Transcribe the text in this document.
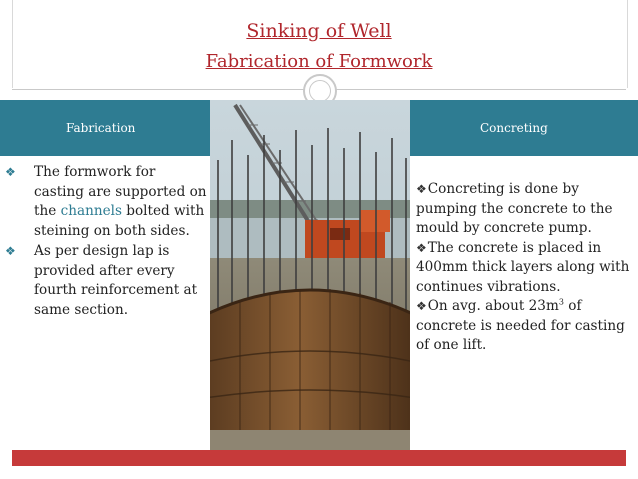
Sinking of Well
Fabrication of Formwork
Fabrication	Concreting
❖ The formwork for casting are supported on the channels bolted with steining on both sides.
❖ As per design lap is provided after every fourth reinforcement at same section.
❖Concreting is done by pumping the concrete to the mould by concrete pump.
❖The concrete is placed in 400mm thick layers along with continues vibrations.
❖On avg. about $23m^3$ of concrete is needed for casting of one lift.
